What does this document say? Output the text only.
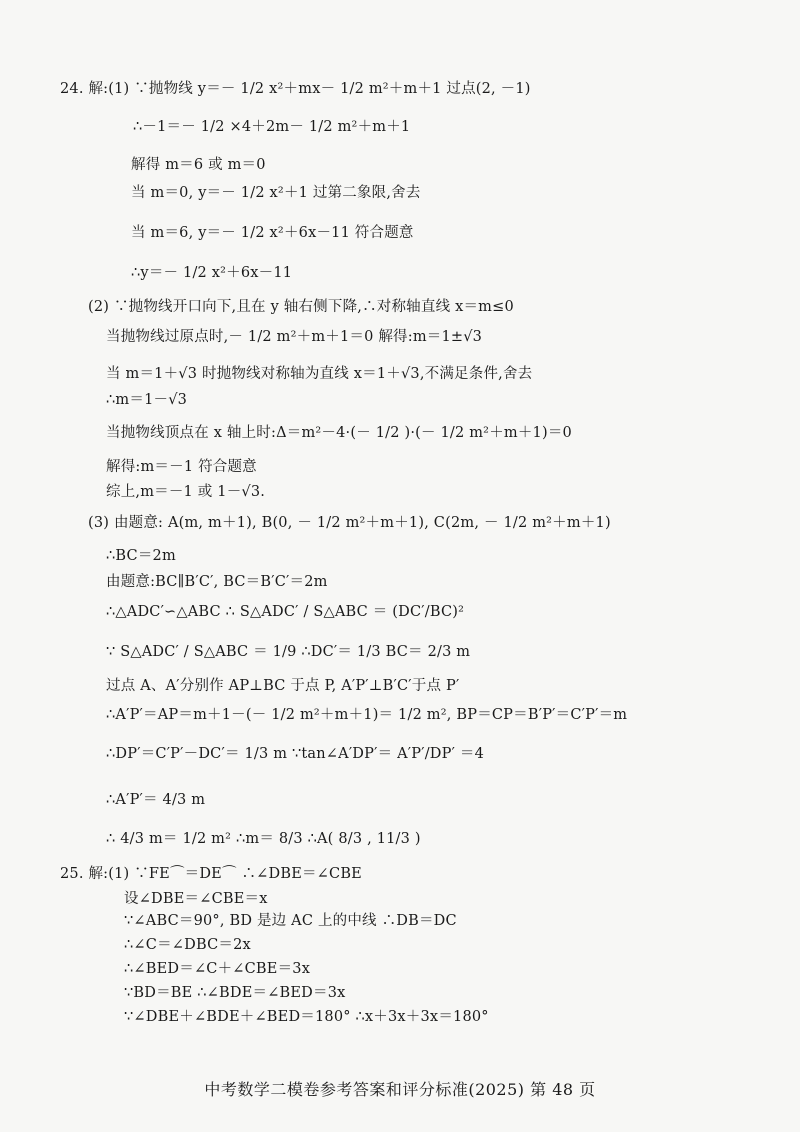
24. 解:(1) ∵抛物线 y＝－ 1/2 x²＋mx－ 1/2 m²＋m＋1 过点(2, －1)
∴－1＝－ 1/2 ×4＋2m－ 1/2 m²＋m＋1
解得 m＝6 或 m＝0
当 m＝0, y＝－ 1/2 x²＋1 过第二象限,舍去
当 m＝6, y＝－ 1/2 x²＋6x－11 符合题意
∴y＝－ 1/2 x²＋6x－11
(2) ∵抛物线开口向下,且在 y 轴右侧下降,∴对称轴直线 x＝m≤0
当抛物线过原点时,－ 1/2 m²＋m＋1＝0 解得:m＝1±√3
当 m＝1＋√3 时抛物线对称轴为直线 x＝1＋√3,不满足条件,舍去
∴m＝1－√3
当抛物线顶点在 x 轴上时:Δ＝m²－4·(－ 1/2 )·(－ 1/2 m²＋m＋1)＝0
解得:m＝－1 符合题意
综上,m＝－1 或 1－√3.
(3) 由题意: A(m, m＋1), B(0, － 1/2 m²＋m＋1), C(2m, － 1/2 m²＋m＋1)
∴BC＝2m
由题意:BC∥B′C′, BC＝B′C′＝2m
∴△ADC′∽△ABC ∴ S△ADC′ / S△ABC ＝ (DC′/BC)²
∵ S△ADC′ / S△ABC ＝ 1/9 ∴DC′＝ 1/3 BC＝ 2/3 m
过点 A、A′分别作 AP⊥BC 于点 P, A′P′⊥B′C′于点 P′
∴A′P′＝AP＝m＋1－(－ 1/2 m²＋m＋1)＝ 1/2 m², BP＝CP＝B′P′＝C′P′＝m
∴DP′＝C′P′－DC′＝ 1/3 m ∵tan∠A′DP′＝ A′P′/DP′ ＝4
∴A′P′＝ 4/3 m
∴ 4/3 m＝ 1/2 m² ∴m＝ 8/3 ∴A( 8/3 , 11/3 )
25. 解:(1) ∵FE⌒＝DE⌒ ∴∠DBE＝∠CBE
设∠DBE＝∠CBE＝x
∵∠ABC＝90°, BD 是边 AC 上的中线 ∴DB＝DC
∴∠C＝∠DBC＝2x
∴∠BED＝∠C＋∠CBE＝3x
∵BD＝BE ∴∠BDE＝∠BED＝3x
∵∠DBE＋∠BDE＋∠BED＝180° ∴x＋3x＋3x＝180°
中考数学二模卷参考答案和评分标准(2025) 第 48 页
